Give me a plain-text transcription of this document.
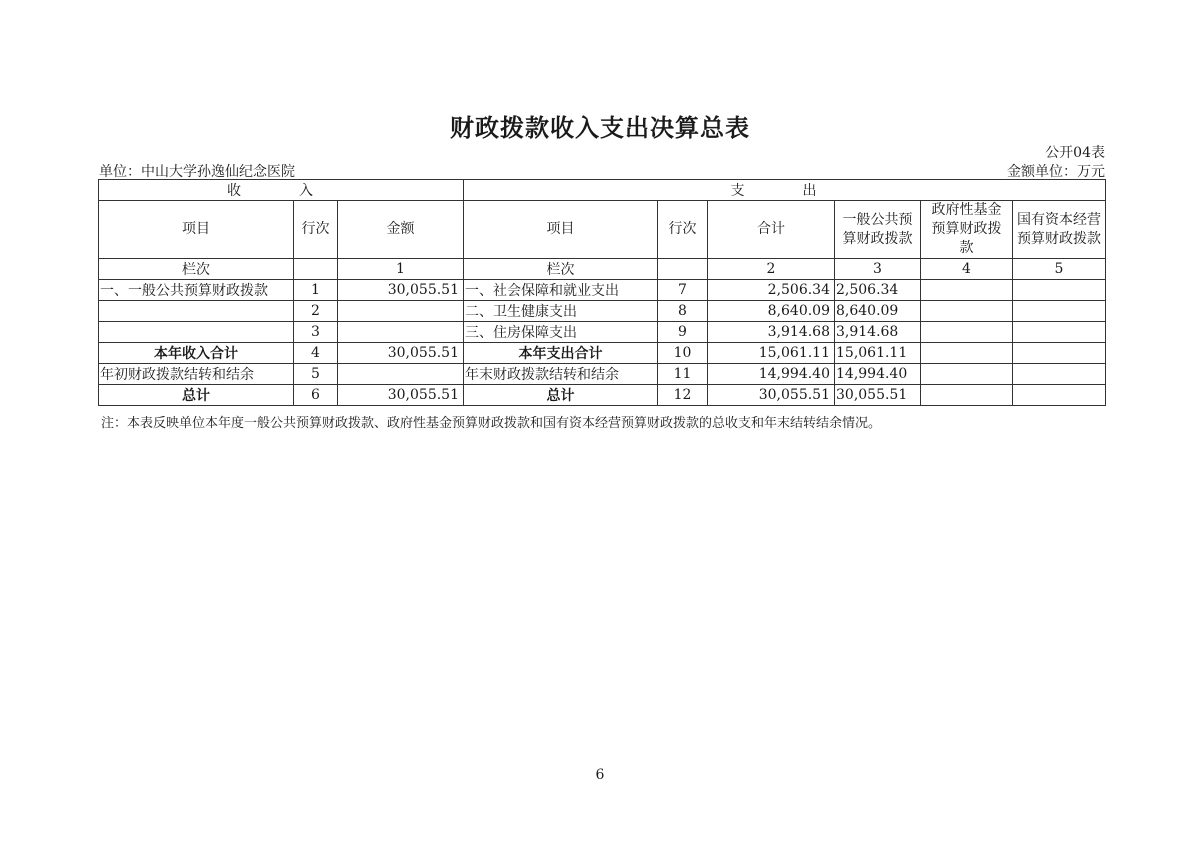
财政拨款收入支出决算总表
公开04表
单位：中山大学孙逸仙纪念医院	金额单位：万元
收　入			支　出					
项目	行次	金额	项目	行次	合计	一般公共预算财政拨款	政府性基金预算财政拨款	国有资本经营预算财政拨款
栏次		1	栏次		2	3	4	5
一、一般公共预算财政拨款	1	30,055.51	一、社会保障和就业支出	7	2,506.34	2,506.34		
	2		二、卫生健康支出	8	8,640.09	8,640.09		
	3		三、住房保障支出	9	3,914.68	3,914.68		
本年收入合计	4	30,055.51	本年支出合计	10	15,061.11	15,061.11		
年初财政拨款结转和结余	5		年末财政拨款结转和结余	11	14,994.40	14,994.40		
总计	6	30,055.51	总计	12	30,055.51	30,055.51		
注：本表反映单位本年度一般公共预算财政拨款、政府性基金预算财政拨款和国有资本经营预算财政拨款的总收支和年末结转结余情况。
6
